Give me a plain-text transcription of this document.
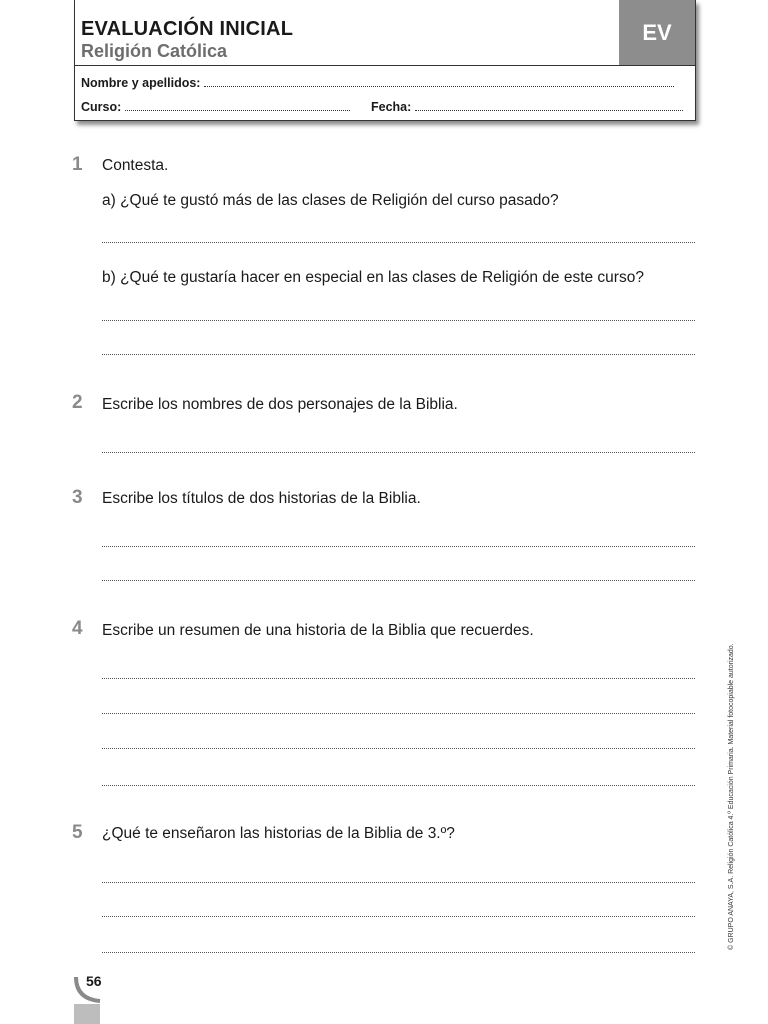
EVALUACIÓN INICIAL
Religión Católica
EV
Nombre y apellidos:
Curso:	Fecha:
1 Contesta.
a) ¿Qué te gustó más de las clases de Religión del curso pasado?
b) ¿Qué te gustaría hacer en especial en las clases de Religión de este curso?
2 Escribe los nombres de dos personajes de la Biblia.
3 Escribe los títulos de dos historias de la Biblia.
4 Escribe un resumen de una historia de la Biblia que recuerdes.
5 ¿Qué te enseñaron las historias de la Biblia de 3.º?	© GRUPO ANAYA, S.A. Religión Católica 4.º Educación Primaria. Material fotocopiable autorizado.
56
